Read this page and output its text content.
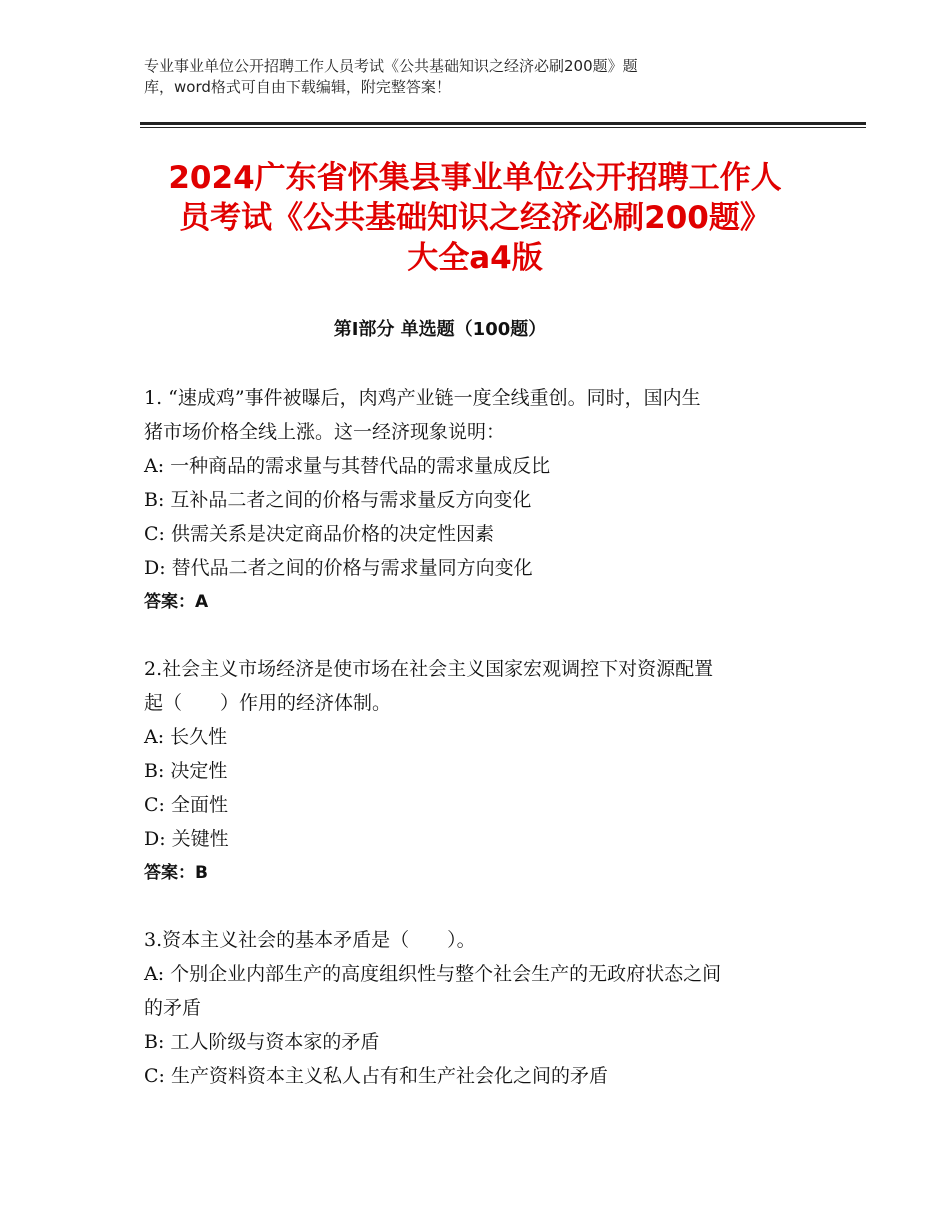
专业事业单位公开招聘工作人员考试《公共基础知识之经济必刷200题》题
库，word格式可自由下载编辑，附完整答案！
2024广东省怀集县事业单位公开招聘工作人
员考试《公共基础知识之经济必刷200题》
大全a4版
第Ⅰ部分 单选题（100题）
1. “速成鸡”事件被曝后，肉鸡产业链一度全线重创。同时，国内生
猪市场价格全线上涨。这一经济现象说明：
A: 一种商品的需求量与其替代品的需求量成反比
B: 互补品二者之间的价格与需求量反方向变化
C: 供需关系是决定商品价格的决定性因素
D: 替代品二者之间的价格与需求量同方向变化
答案：A
2.社会主义市场经济是使市场在社会主义国家宏观调控下对资源配置
起（　　）作用的经济体制。
A: 长久性
B: 决定性
C: 全面性
D: 关键性
答案：B
3.资本主义社会的基本矛盾是（　　）。
A: 个别企业内部生产的高度组织性与整个社会生产的无政府状态之间
的矛盾
B: 工人阶级与资本家的矛盾
C: 生产资料资本主义私人占有和生产社会化之间的矛盾
